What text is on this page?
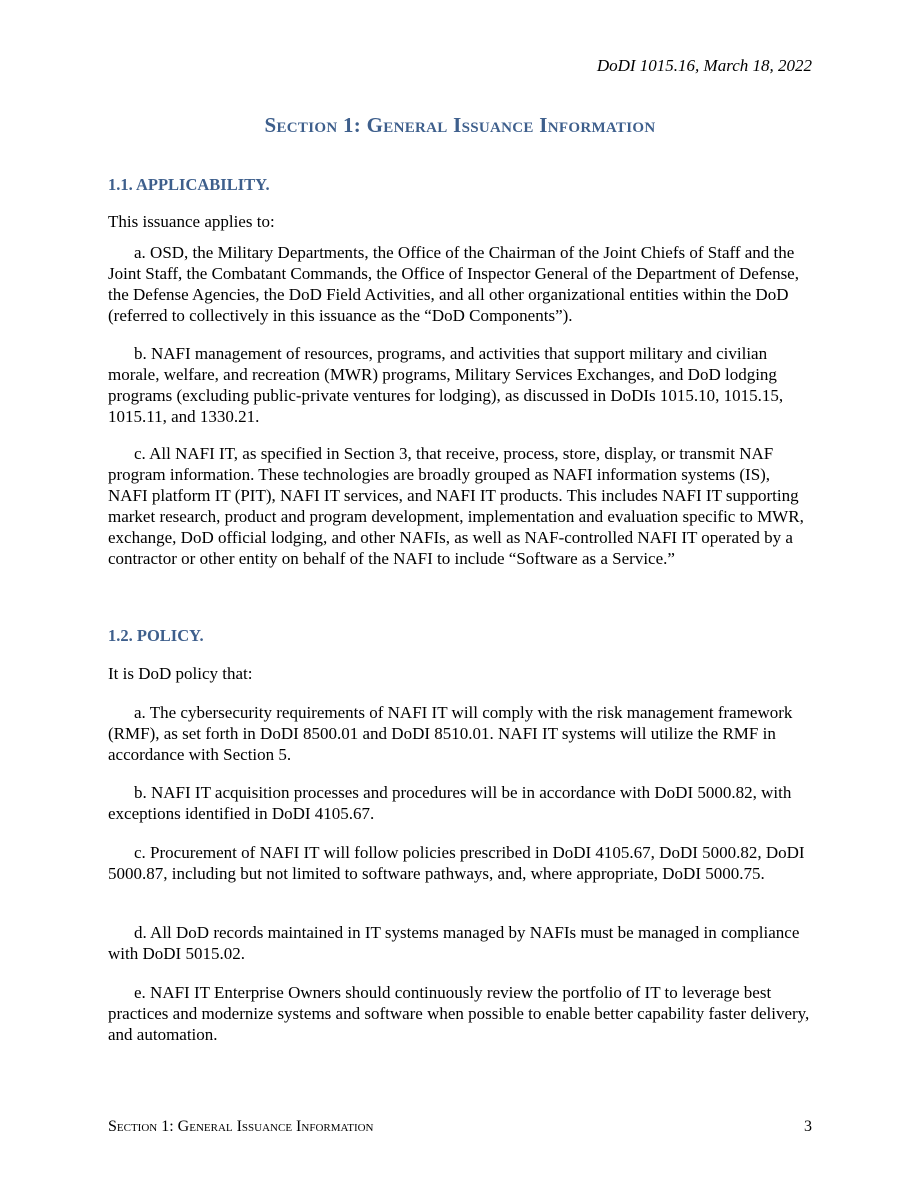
DoDI 1015.16, March 18, 2022
Section 1: General Issuance Information
1.1. APPLICABILITY.

This issuance applies to:

a. OSD, the Military Departments, the Office of the Chairman of the Joint Chiefs of Staff and the Joint Staff, the Combatant Commands, the Office of Inspector General of the Department of Defense, the Defense Agencies, the DoD Field Activities, and all other organizational entities within the DoD (referred to collectively in this issuance as the “DoD Components”).

b. NAFI management of resources, programs, and activities that support military and civilian morale, welfare, and recreation (MWR) programs, Military Services Exchanges, and DoD lodging programs (excluding public-private ventures for lodging), as discussed in DoDIs 1015.10, 1015.15, 1015.11, and 1330.21.

c. All NAFI IT, as specified in Section 3, that receive, process, store, display, or transmit NAF program information. These technologies are broadly grouped as NAFI information systems (IS), NAFI platform IT (PIT), NAFI IT services, and NAFI IT products. This includes NAFI IT supporting market research, product and program development, implementation and evaluation specific to MWR, exchange, DoD official lodging, and other NAFIs, as well as NAF-controlled NAFI IT operated by a contractor or other entity on behalf of the NAFI to include “Software as a Service.”

1.2. POLICY.

It is DoD policy that:

a. The cybersecurity requirements of NAFI IT will comply with the risk management framework (RMF), as set forth in DoDI 8500.01 and DoDI 8510.01. NAFI IT systems will utilize the RMF in accordance with Section 5.

b. NAFI IT acquisition processes and procedures will be in accordance with DoDI 5000.82, with exceptions identified in DoDI 4105.67.

c. Procurement of NAFI IT will follow policies prescribed in DoDI 4105.67, DoDI 5000.82, DoDI 5000.87, including but not limited to software pathways, and, where appropriate, DoDI 5000.75.

d. All DoD records maintained in IT systems managed by NAFIs must be managed in compliance with DoDI 5015.02.

e. NAFI IT Enterprise Owners should continuously review the portfolio of IT to leverage best practices and modernize systems and software when possible to enable better capability faster delivery, and automation.

Section 1: General Issuance Information	3
